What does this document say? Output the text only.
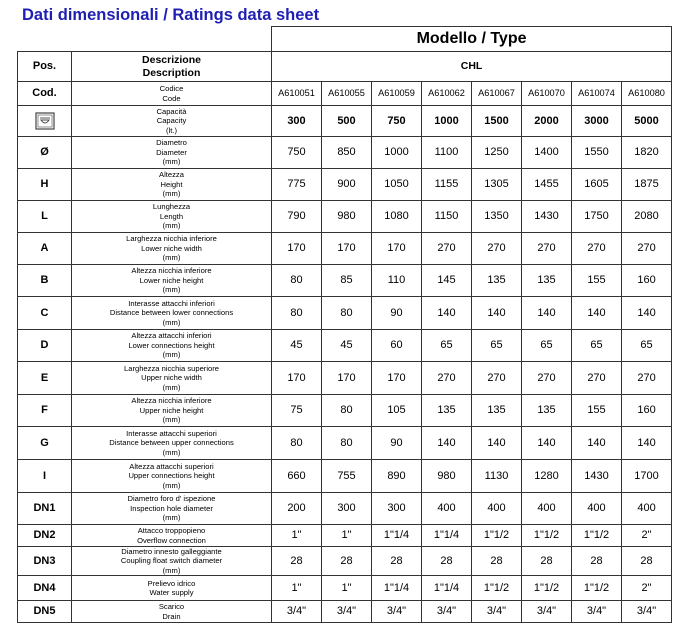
Dati dimensionali / Ratings data sheet
		Modello / Type							
Pos.	Descrizione
Description	CHL							
Cod.	Codice
Code	A610051	A610055	A610059	A610062	A610067	A610070	A610074	A610080

Capacità
Capacity
(lt.)	300	500	750	1000	1500	2000	3000	5000
Ø	Diametro
Diameter
(mm)	750	850	1000	1100	1250	1400	1550	1820
H	Altezza
Height
(mm)	775	900	1050	1155	1305	1455	1605	1875
L	Lunghezza
Length
(mm)	790	980	1080	1150	1350	1430	1750	2080
A	Larghezza nicchia inferiore
Lower niche width
(mm)	170	170	170	270	270	270	270	270
B	Altezza nicchia inferiore
Lower niche height
(mm)	80	85	110	145	135	135	155	160
C	Interasse attacchi inferiori
Distance between lower connections
(mm)	80	80	90	140	140	140	140	140
D	Altezza attacchi inferiori
Lower connections height
(mm)	45	45	60	65	65	65	65	65
E	Larghezza nicchia superiore
Upper niche width
(mm)	170	170	170	270	270	270	270	270
F	Altezza nicchia inferiore
Upper niche height
(mm)	75	80	105	135	135	135	155	160
G	Interasse attacchi superiori
Distance between upper connections
(mm)	80	80	90	140	140	140	140	140
I	Altezza attacchi superiori
Upper connections height
(mm)	660	755	890	980	1130	1280	1430	1700
DN1	Diametro foro d' ispezione
Inspection hole diameter
(mm)	200	300	300	400	400	400	400	400
DN2	Attacco troppopieno
Overflow connection	1"	1"	1"1/4	1"1/4	1"1/2	1"1/2	1"1/2	2"
DN3	Diametro innesto galleggiante
Coupling float switch diameter
(mm)	28	28	28	28	28	28	28	28
DN4	Prelievo idrico
Water supply	1"	1"	1"1/4	1"1/4	1"1/2	1"1/2	1"1/2	2"
DN5	Scarico
Drain	3/4"	3/4"	3/4"	3/4"	3/4"	3/4"	3/4"	3/4"
